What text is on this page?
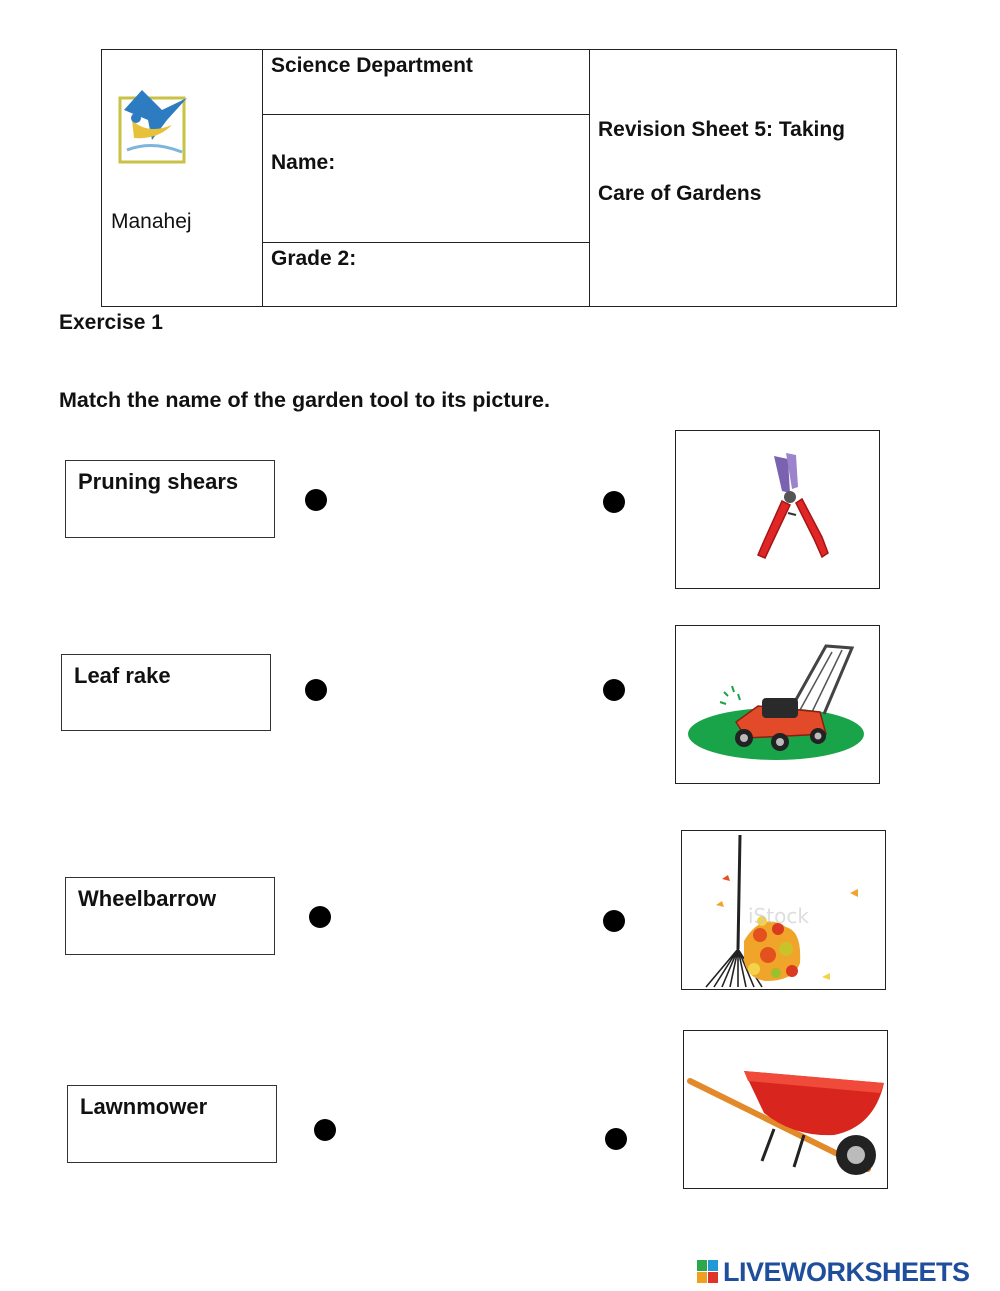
Manahej
Science Department
Name:
Grade 2:
Revision Sheet 5: Taking
Care of Gardens
Exercise 1
Match the name of the garden tool to its picture.
Pruning shears
Leaf rake
Wheelbarrow
Lawnmower
iStock
LIVEWORKSHEETS
